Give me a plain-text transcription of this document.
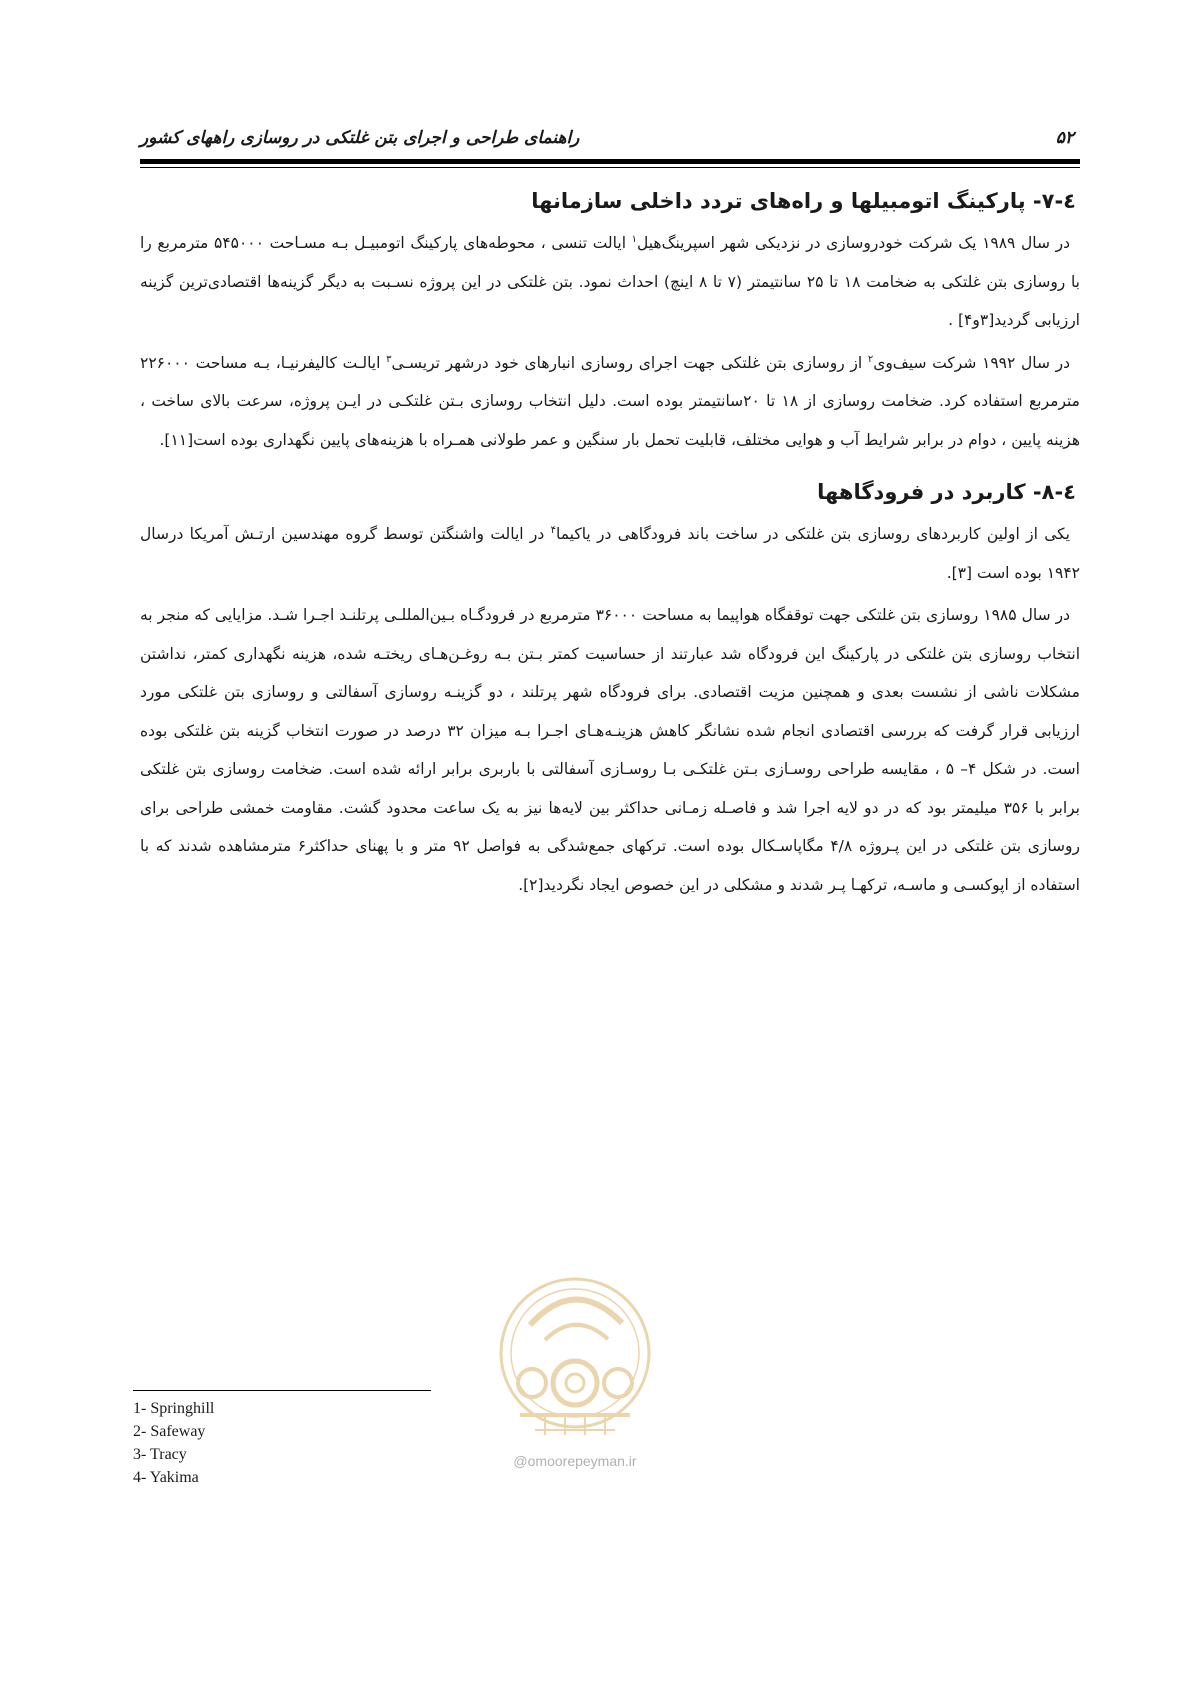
راهنمای طراحی و اجرای بتن غلتکی در روسازی راههای کشور	۵۲
٤-٧- پارکینگ اتومبیلها و راه‌های تردد داخلی سازمانها

در سال ۱۹۸۹ یک شرکت خودروسازی در نزدیکی شهر اسپرینگ‌هیل$^۱$ ایالت تنسی ، محوطه‌های پارکینگ اتومبیـل بـه مسـاحت ۵۴۵۰۰۰ مترمربع را با روسازی بتن غلتکی به ضخامت ۱۸ تا ۲۵ سانتیمتر (۷ تا ۸ اینچ) احداث نمود. بتن غلتکی در این پروژه نسـبت به دیگر گزینه‌ها اقتصادی‌ترین گزینه ارزیابی گردید[۳و۴] .

در سال ۱۹۹۲ شرکت سیف‌وی$^۲$ از روسازی بتن غلتکی جهت اجرای روسازی انبارهای خود درشهر تریسـی$^۳$ ایالـت کالیفرنیـا، بـه مساحت ۲۲۶۰۰۰ مترمربع استفاده کرد. ضخامت روسازی از ۱۸ تا ۲۰سانتیمتر بوده است. دلیل انتخاب روسازی بـتن غلتکـی در ایـن پروژه، سرعت بالای ساخت ، هزینه پایین ، دوام در برابر شرایط آب و هوایی مختلف، قابلیت تحمل بار سنگین و عمر طولانی همـراه با هزینه‌های پایین نگهداری بوده است[۱۱].

٤-٨- کاربرد در فرودگاهها

یکی از اولین کاربردهای روسازی بتن غلتکی در ساخت باند فرودگاهی در یاکیما$^۴$ در ایالت واشنگتن توسط گروه مهندسین ارتـش آمریکا درسال ۱۹۴۲ بوده است [۳].

در سال ۱۹۸۵ روسازی بتن غلتکی جهت توقفگاه هواپیما به مساحت ۳۶۰۰۰ مترمربع در فرودگـاه بـین‌المللـی پرتلنـد اجـرا شـد. مزایایی که منجر به انتخاب روسازی بتن غلتکی در پارکینگ این فرودگاه شد عبارتند از حساسیت کمتر بـتن بـه روغـن‌هـای ریختـه شده، هزینه نگهداری کمتر، نداشتن مشکلات ناشی از نشست بعدی و همچنین مزیت اقتصادی. برای فرودگاه شهر پرتلند ، دو گزینـه روسازی آسفالتی و روسازی بتن غلتکی مورد ارزیابی قرار گرفت که بررسی اقتصادی انجام شده نشانگر کاهش هزینـه‌هـای اجـرا بـه میزان ۳۲ درصد در صورت انتخاب گزینه بتن غلتکی بوده است. در شکل ۴– ۵ ، مقایسه طراحی روسـازی بـتن غلتکـی بـا روسـازی آسفالتی با باربری برابر ارائه شده است. ضخامت روسازی بتن غلتکی برابر با ۳۵۶ میلیمتر بود که در دو لایه اجرا شد و فاصـله زمـانی حداکثر بین لایه‌ها نیز به یک ساعت محدود گشت. مقاومت خمشی طراحی برای روسازی بتن غلتکی در این پـروژه ۴/۸ مگاپاسـکال بوده است. ترکهای جمع‌شدگی به فواصل ۹۲ متر و با پهنای حداکثر۶ مترمشاهده شدند که با استفاده از اپوکسـی و ماسـه، ترکهـا پـر شدند و مشکلی در این خصوص ایجاد نگردید[۲].

@omoorepeyman.ir
1- Springhill
2- Safeway
3- Tracy
4- Yakima
